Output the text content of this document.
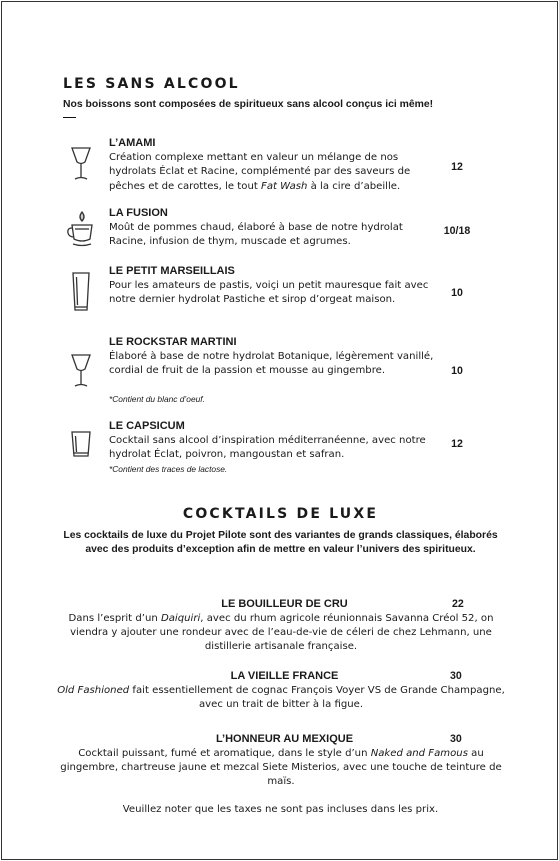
LES SANS ALCOOL
Nos boissons sont composées de spiritueux sans alcool conçus ici même!
L’AMAMI
Création complexe mettant en valeur un mélange de nos hydrolats Éclat et Racine, complémenté par des saveurs de pêches et de carottes, le tout Fat Wash à la cire d’abeille.
12
LA FUSION
Moût de pommes chaud, élaboré à base de notre hydrolat Racine, infusion de thym, muscade et agrumes.
10/18
LE PETIT MARSEILLAIS
Pour les amateurs de pastis, voiçi un petit mauresque fait avec notre dernier hydrolat Pastiche et sirop d’orgeat maison.
10
LE ROCKSTAR MARTINI
Élaboré à base de notre hydrolat Botanique, légèrement vanillé, cordial de fruit de la passion et mousse au gingembre.
*Contient du blanc d’oeuf.
10
LE CAPSICUM
Cocktail sans alcool d’inspiration méditerranéenne, avec notre hydrolat Éclat, poivron, mangoustan et safran.
*Contient des traces de lactose.
12
COCKTAILS DE LUXE
Les cocktails de luxe du Projet Pilote sont des variantes de grands classiques, élaborés avec des produits d’exception afin de mettre en valeur l’univers des spiritueux.
LE BOUILLEUR DE CRU	22
Dans l’esprit d’un Daiquiri, avec du rhum agricole réunionnais Savanna Créol 52, on viendra y ajouter une rondeur avec de l’eau-de-vie de céleri de chez Lehmann, une distillerie artisanale française.
LA VIEILLE FRANCE	30
Old Fashioned fait essentiellement de cognac François Voyer VS de Grande Champagne, avec un trait de bitter à la figue.
L’HONNEUR AU MEXIQUE	30
Cocktail puissant, fumé et aromatique, dans le style d’un Naked and Famous au gingembre, chartreuse jaune et mezcal Siete Misterios, avec une touche de teinture de maïs.
Veuillez noter que les taxes ne sont pas incluses dans les prix.
